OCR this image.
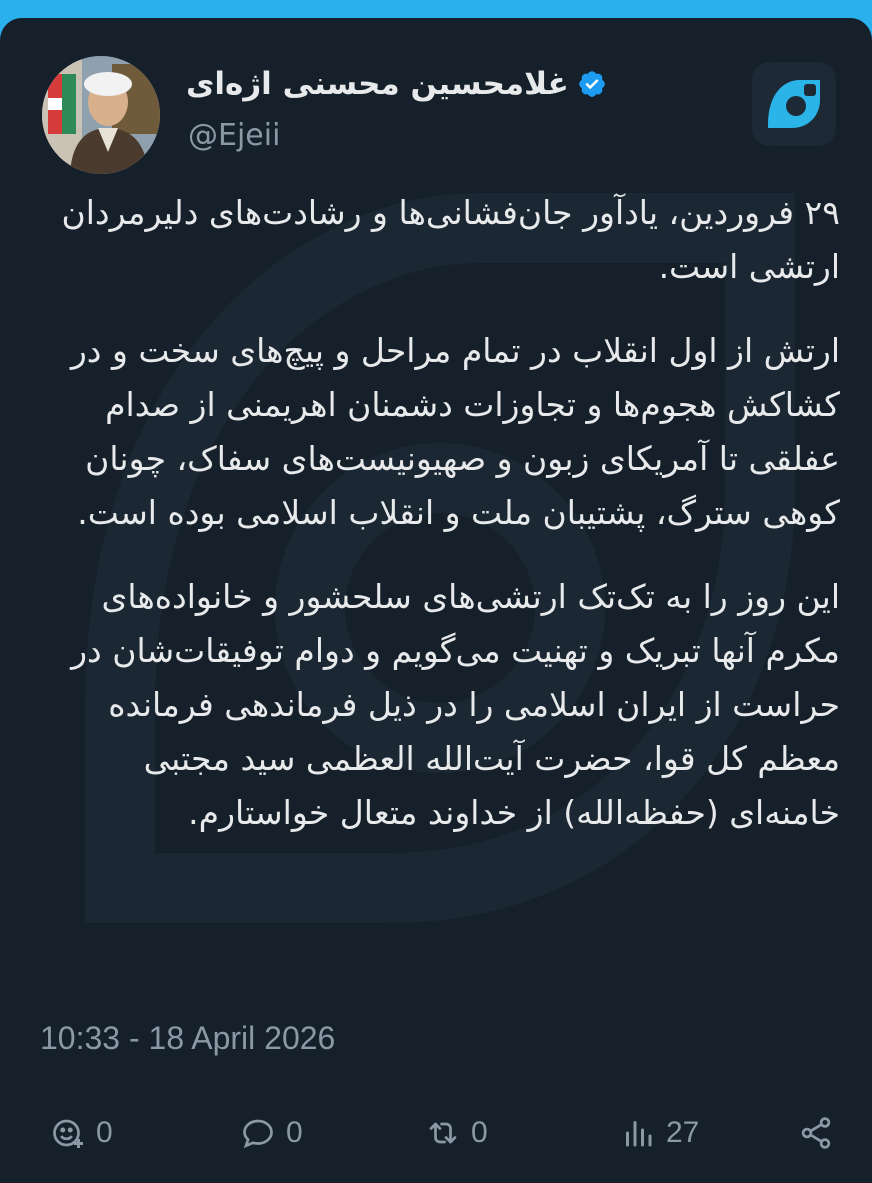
غلامحسین محسنی اژه‌ای
@Ejeii

۲۹ فروردین، یادآور جان‌فشانی‌ها و رشادت‌های دلیرمردان ارتشی است.

ارتش از اول انقلاب در تمام مراحل و پیچ‌های سخت و در کشاکش هجوم‌ها و تجاوزات دشمنان اهریمنی از صدام عفلقی تا آمریکای زبون و صهیونیست‌های سفاک، چونان کوهی سترگ، پشتیبان ملت و انقلاب اسلامی بوده است.

این روز را به تک‌تک ارتشی‌های سلحشور و خانواده‌های مکرم آنها تبریک و تهنیت می‌گویم و دوام توفیقات‌شان در حراست از ایران اسلامی را در ذیل فرماندهی فرمانده معظم کل قوا، حضرت آیت‌الله العظمی سید مجتبی خامنه‌ای (حفظه‌الله) از خداوند متعال خواستارم.

10:33 - 18 April 2026
0	0	0	27
